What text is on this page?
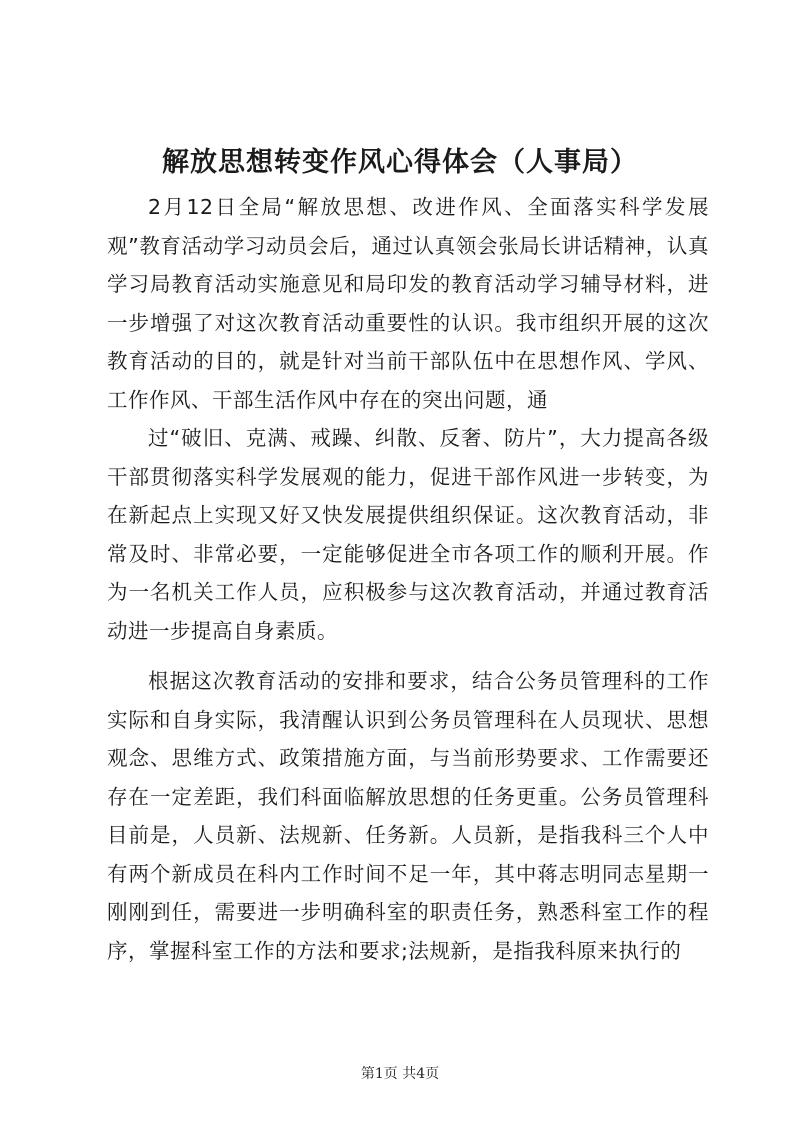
解放思想转变作风心得体会（人事局）

2月12日全局“解放思想、改进作风、全面落实科学发展观”教育活动学习动员会后，通过认真领会张局长讲话精神，认真学习局教育活动实施意见和局印发的教育活动学习辅导材料，进一步增强了对这次教育活动重要性的认识。我市组织开展的这次教育活动的目的，就是针对当前干部队伍中在思想作风、学风、工作作风、干部生活作风中存在的突出问题，通

过“破旧、克满、戒躁、纠散、反奢、防片”，大力提高各级干部贯彻落实科学发展观的能力，促进干部作风进一步转变，为在新起点上实现又好又快发展提供组织保证。这次教育活动，非常及时、非常必要，一定能够促进全市各项工作的顺利开展。作为一名机关工作人员，应积极参与这次教育活动，并通过教育活动进一步提高自身素质。

根据这次教育活动的安排和要求，结合公务员管理科的工作实际和自身实际，我清醒认识到公务员管理科在人员现状、思想观念、思维方式、政策措施方面，与当前形势要求、工作需要还存在一定差距，我们科面临解放思想的任务更重。公务员管理科目前是，人员新、法规新、任务新。人员新，是指我科三个人中有两个新成员在科内工作时间不足一年，其中蒋志明同志星期一刚刚到任，需要进一步明确科室的职责任务，熟悉科室工作的程序，掌握科室工作的方法和要求;法规新，是指我科原来执行的

第1页 共4页
